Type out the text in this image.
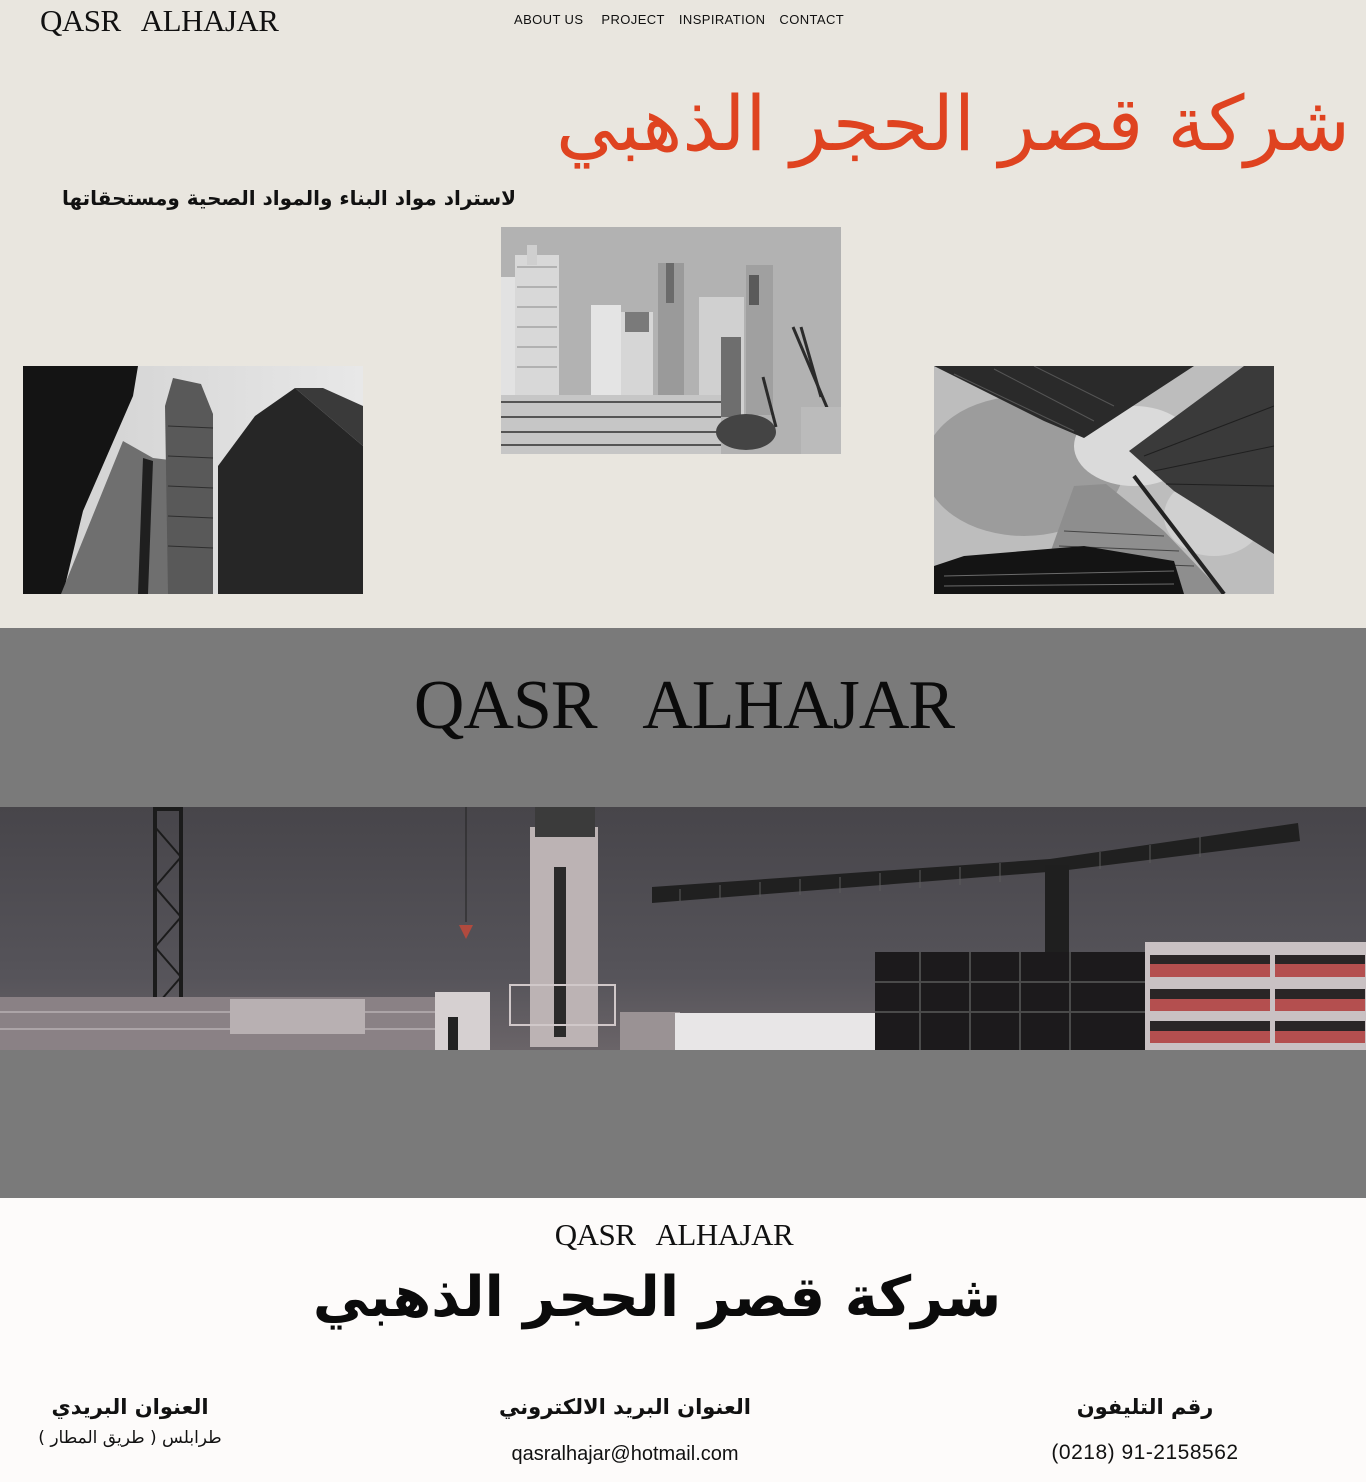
QASR   ALHAJAR	ABOUT US PROJECT INSPIRATION CONTACT
شركة قصر الحجر الذهبي
لاستراد مواد البناء والمواد الصحية ومستحقاتها
QASR   ALHAJAR
QASR   ALHAJAR
شركة قصر الحجر الذهبي
العنوان البريدي
طرابلس ( طريق المطار )
العنوان البريد الالكتروني
qasralhajar@hotmail.com
رقم التليفون
(0218) 91-2158562
